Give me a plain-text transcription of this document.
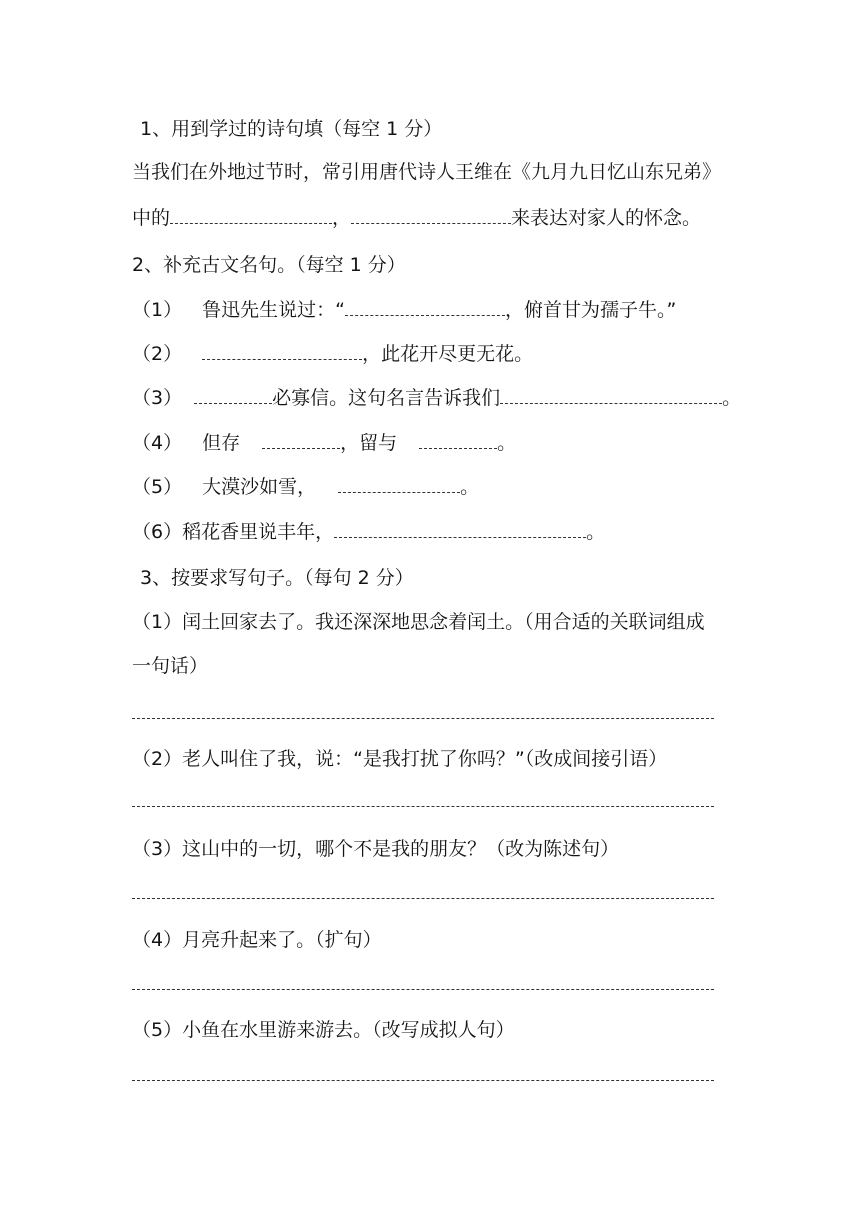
1、用到学过的诗句填（每空 1 分）
当我们在外地过节时，常引用唐代诗人王维在《九月九日忆山东兄弟》
中的	，	来表达对家人的怀念。
2、补充古文名句。（每空 1 分）
（1） 鲁迅先生说过：“	，俯首甘为孺子牛。”
（2）	，此花开尽更无花。
（3）	必寡信。这句名言告诉我们	。
（4） 但存	，留与	。
（5） 大漠沙如雪，	。
（6）稻花香里说丰年，	。
3、按要求写句子。（每句 2 分）
（1）闰土回家去了。我还深深地思念着闰土。（用合适的关联词组成
一句话）
（2）老人叫住了我，说：“是我打扰了你吗？”（改成间接引语）
（3）这山中的一切，哪个不是我的朋友？（改为陈述句）
（4）月亮升起来了。（扩句）
（5）小鱼在水里游来游去。（改写成拟人句）
